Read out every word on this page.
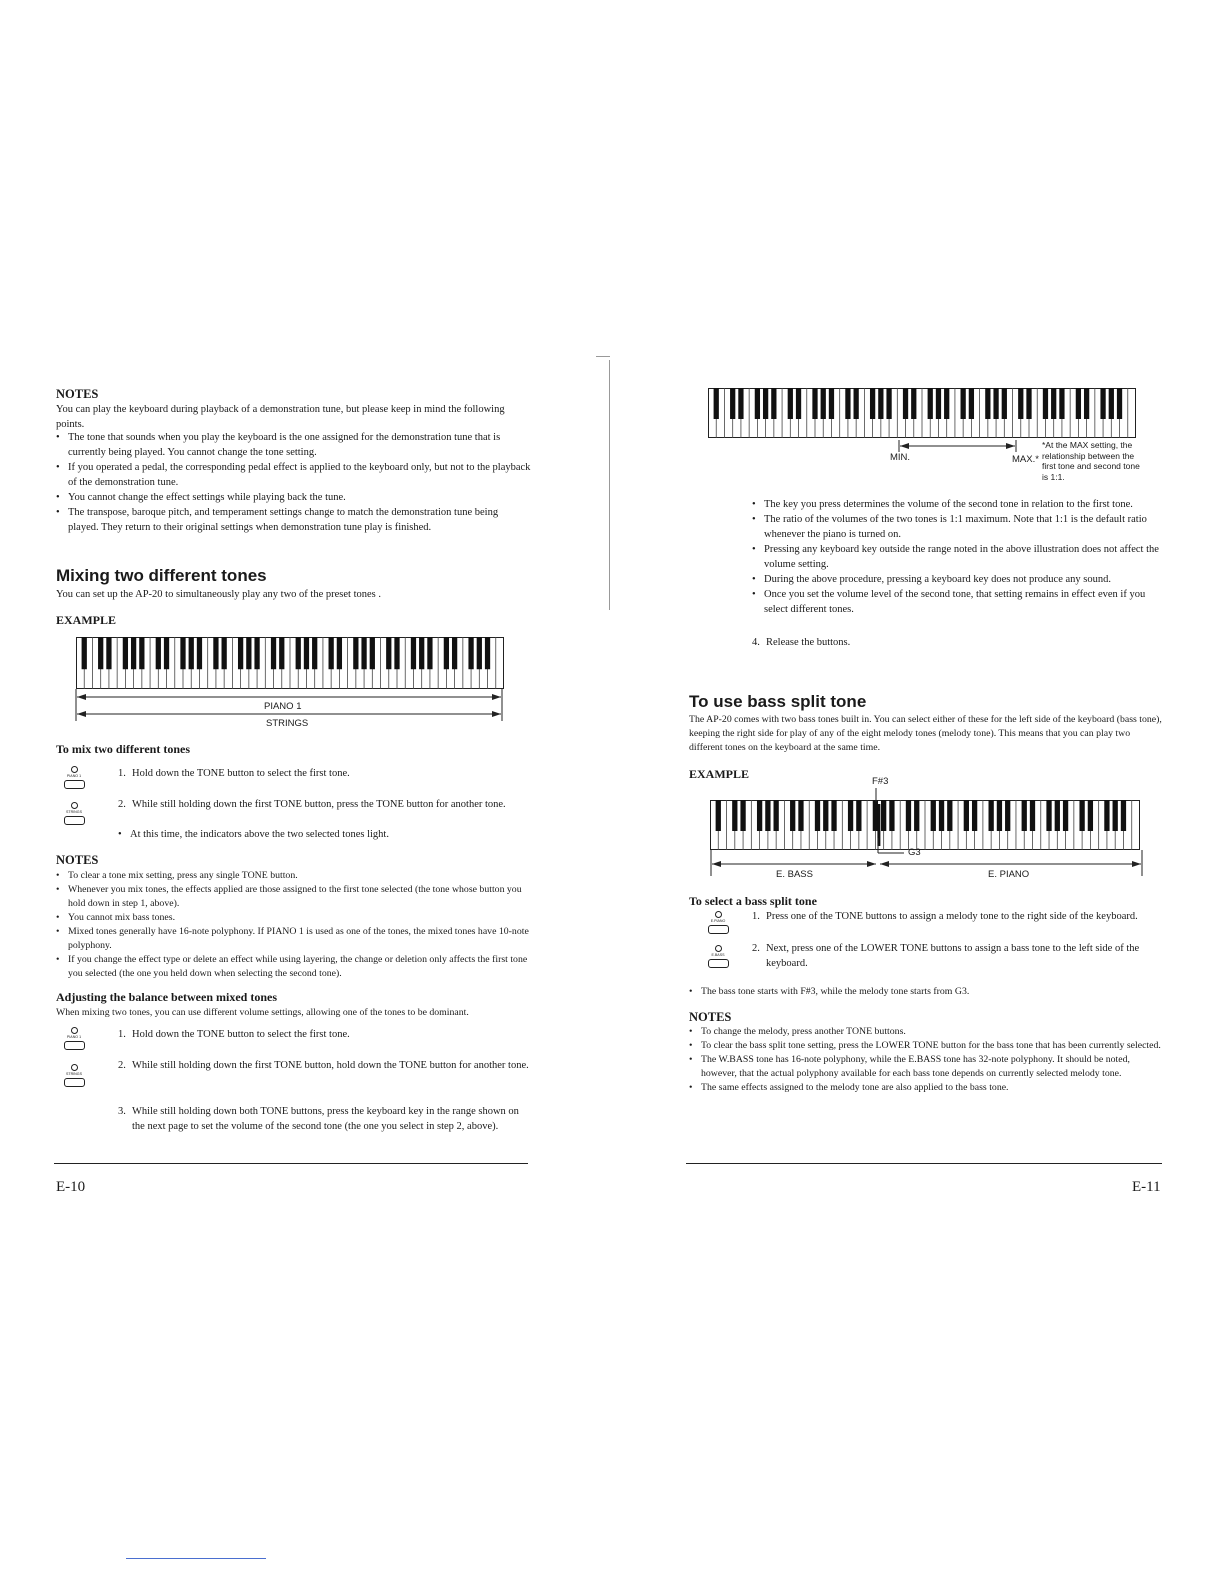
NOTES
You can play the keyboard during playback of a demonstration tune, but please keep in mind the following points.
• The tone that sounds when you play the keyboard is the one assigned for the demonstration tune that is currently being played. You cannot change the tone setting.
• If you operated a pedal, the corresponding pedal effect is applied to the keyboard only, but not to the playback of the demonstration tune.
• You cannot change the effect settings while playing back the tune.
• The transpose, baroque pitch, and temperament settings change to match the demonstration tune being played. They return to their original settings when demonstration tune play is finished.
Mixing two different tones
You can set up the AP-20 to simultaneously play any two of the preset tones .
EXAMPLE
PIANO 1
STRINGS
To mix two different tones
PIANO 1	1. Hold down the TONE button to select the first tone.
STRINGS
2. While still holding down the first TONE button, press the TONE button for another tone.
• At this time, the indicators above the two selected tones light.
NOTES
• To clear a tone mix setting, press any single TONE button.
• Whenever you mix tones, the effects applied are those assigned to the first tone selected (the tone whose button you hold down in step 1, above).
• You cannot mix bass tones.
• Mixed tones generally have 16-note polyphony. If PIANO 1 is used as one of the tones, the mixed tones have 10-note polyphony.
• If you change the effect type or delete an effect while using layering, the change or deletion only affects the first tone you selected (the one you held down when selecting the second tone).
Adjusting the balance between mixed tones
When mixing two tones, you can use different volume settings, allowing one of the tones to be dominant.
PIANO 1	1. Hold down the TONE button to select the first tone.
STRINGS
2. While still holding down the first TONE button, hold down the TONE button for another tone.
3. While still holding down both TONE buttons, press the keyboard key in the range shown on the next page to set the volume of the second tone (the one you select in step 2, above).
E-10
MIN.	MAX.*
*At the MAX setting, the relationship between the first tone and second tone is 1:1.
• The key you press determines the volume of the second tone in relation to the first tone.
• The ratio of the volumes of the two tones is 1:1 maximum. Note that 1:1 is the default ratio whenever the piano is turned on.
• Pressing any keyboard key outside the range noted in the above illustration does not affect the volume setting.
• During the above procedure, pressing a keyboard key does not produce any sound.
• Once you set the volume level of the second tone, that setting remains in effect even if you select different tones.
4. Release the buttons.
To use bass split tone
The AP-20 comes with two bass tones built in. You can select either of these for the left side of the keyboard (bass tone), keeping the right side for play of any of the eight melody tones (melody tone). This means that you can play two different tones on the keyboard at the same time.
EXAMPLE
F#3
G3
E. BASS	E. PIANO
To select a bass split tone
E.PIANO	1. Press one of the TONE buttons to assign a melody tone to the right side of the keyboard.
E.BASS
2. Next, press one of the LOWER TONE buttons to assign a bass tone to the left side of the keyboard.
• The bass tone starts with F#3, while the melody tone starts from G3.
NOTES
• To change the melody, press another TONE buttons.
• To clear the bass split tone setting, press the LOWER TONE button for the bass tone that has been currently selected.
• The W.BASS tone has 16-note polyphony, while the E.BASS tone has 32-note polyphony. It should be noted, however, that the actual polyphony available for each bass tone depends on currently selected melody tone.
• The same effects assigned to the melody tone are also applied to the bass tone.
E-11
